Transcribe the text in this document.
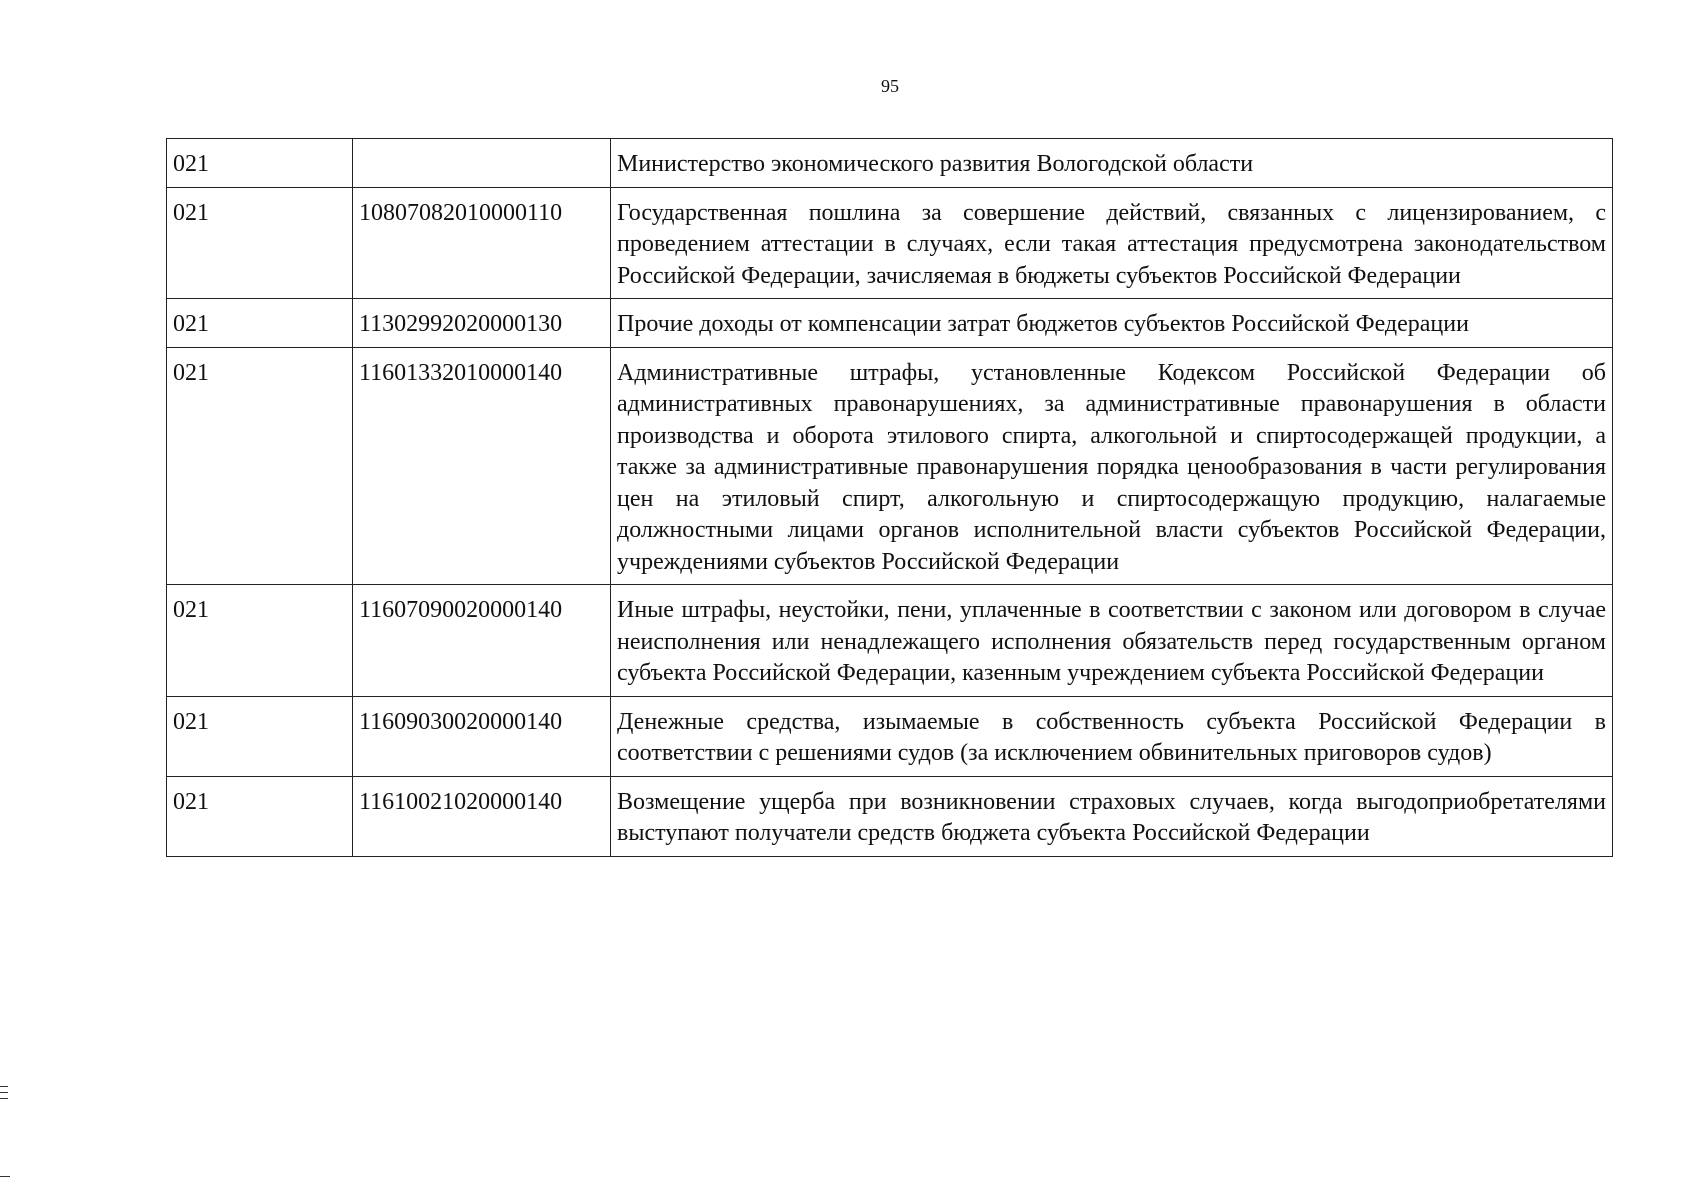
95
021		Министерство экономического развития Вологодской области
021	10807082010000110	Государственная пошлина за совершение действий, связанных с лицензированием, с проведением аттестации в случаях, если такая аттестация предусмотрена законодательством Российской Федерации, зачисляемая в бюджеты субъектов Российской Федерации
021	11302992020000130	Прочие доходы от компенсации затрат бюджетов субъектов Российской Федерации
021	11601332010000140	Административные штрафы, установленные Кодексом Российской Федерации об административных правонарушениях, за административные правонарушения в области производства и оборота этилового спирта, алкогольной и спиртосодержащей продукции, а также за административные правонарушения порядка ценообразования в части регулирования цен на этиловый спирт, алкогольную и спиртосодержащую продукцию, налагаемые должностными лицами органов исполнительной власти субъектов Российской Федерации, учреждениями субъектов Российской Федерации
021	11607090020000140	Иные штрафы, неустойки, пени, уплаченные в соответствии с законом или договором в случае неисполнения или ненадлежащего исполнения обязательств перед государственным органом субъекта Российской Федерации, казенным учреждением субъекта Российской Федерации
021	11609030020000140	Денежные средства, изымаемые в собственность субъекта Российской Федерации в соответствии с решениями судов (за исключением обвинительных приговоров судов)
021	11610021020000140	Возмещение ущерба при возникновении страховых случаев, когда выгодоприобретателями выступают получатели средств бюджета субъекта Российской Федерации
